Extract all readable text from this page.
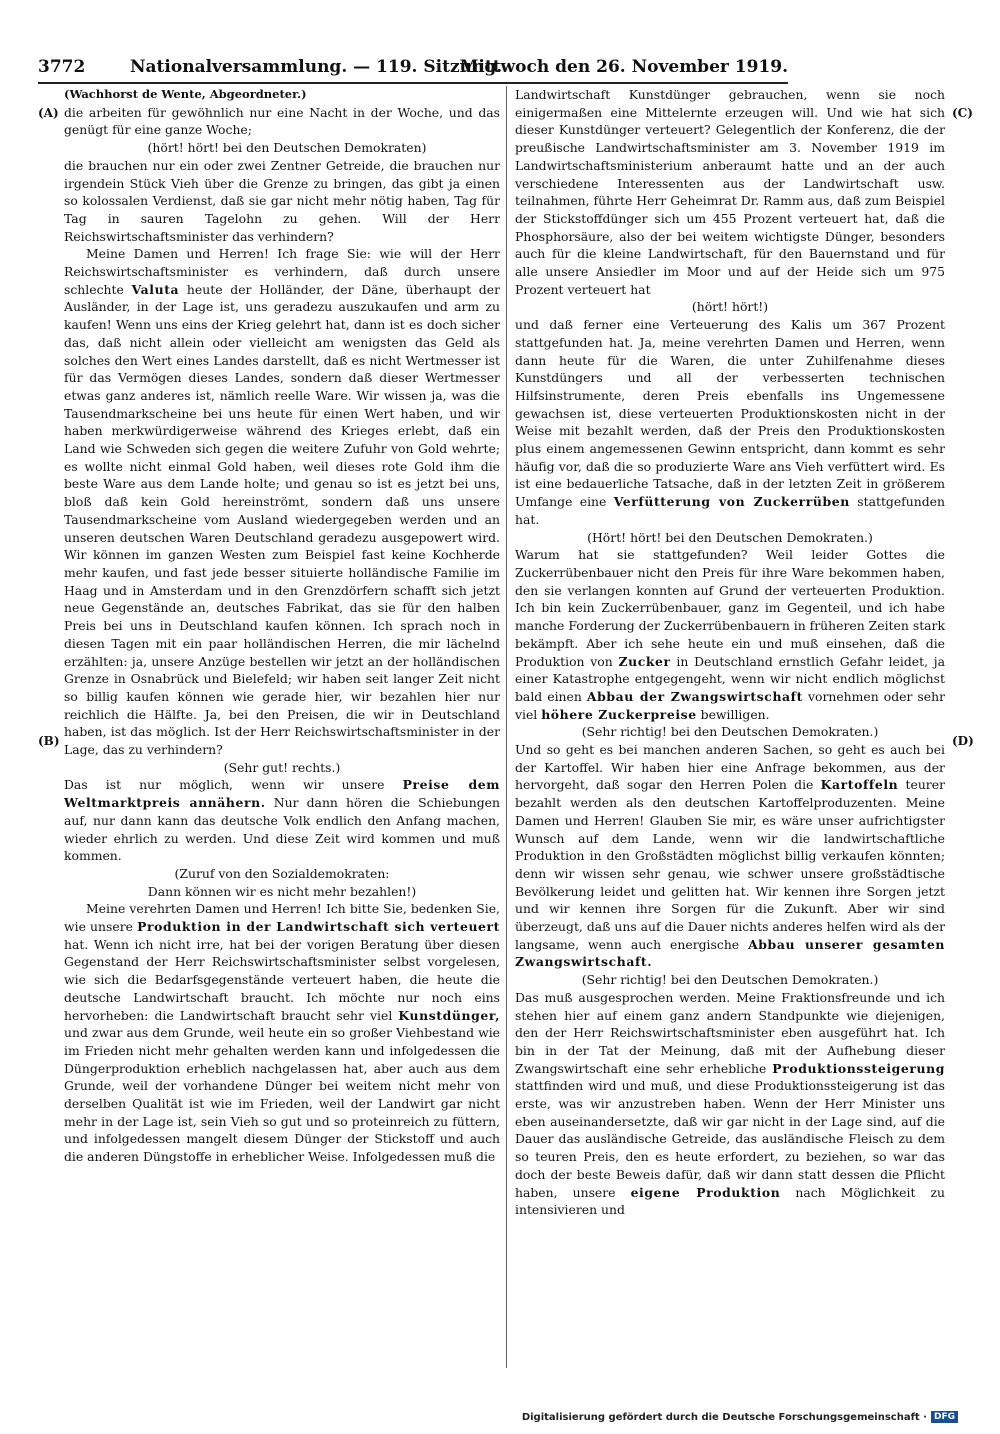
3772	Nationalversammlung. — 119. Sitzung.
Mittwoch den 26. November 1919.
(A)
(B)
(C)
(D)

(Wachhorst de Wente, Abgeordneter.)

die arbeiten für gewöhnlich nur eine Nacht in der Woche, und das genügt für eine ganze Woche;

(hört! hört! bei den Deutschen Demokraten)

die brauchen nur ein oder zwei Zentner Getreide, die brauchen nur irgendein Stück Vieh über die Grenze zu bringen, das gibt ja einen so kolossalen Verdienst, daß sie gar nicht mehr nötig haben, Tag für Tag in sauren Tagelohn zu gehen. Will der Herr Reichswirtschaftsminister das verhindern?

Meine Damen und Herren! Ich frage Sie: wie will der Herr Reichswirtschaftsminister es verhindern, daß durch unsere schlechte Valuta heute der Holländer, der Däne, überhaupt der Ausländer, in der Lage ist, uns geradezu auszukaufen und arm zu kaufen! Wenn uns eins der Krieg gelehrt hat, dann ist es doch sicher das, daß nicht allein oder vielleicht am wenigsten das Geld als solches den Wert eines Landes darstellt, daß es nicht Wertmesser ist für das Vermögen dieses Landes, sondern daß dieser Wertmesser etwas ganz anderes ist, nämlich reelle Ware. Wir wissen ja, was die Tausendmarkscheine bei uns heute für einen Wert haben, und wir haben merkwürdigerweise während des Krieges erlebt, daß ein Land wie Schweden sich gegen die weitere Zufuhr von Gold wehrte; es wollte nicht einmal Gold haben, weil dieses rote Gold ihm die beste Ware aus dem Lande holte; und genau so ist es jetzt bei uns, bloß daß kein Gold hereinströmt, sondern daß uns unsere Tausendmarkscheine vom Ausland wiedergegeben werden und an unseren deutschen Waren Deutschland geradezu ausgepowert wird. Wir können im ganzen Westen zum Beispiel fast keine Kochherde mehr kaufen, und fast jede besser situierte holländische Familie im Haag und in Amsterdam und in den Grenzdörfern schafft sich jetzt neue Gegenstände an, deutsches Fabrikat, das sie für den halben Preis bei uns in Deutschland kaufen können. Ich sprach noch in diesen Tagen mit ein paar holländischen Herren, die mir lächelnd erzählten: ja, unsere Anzüge bestellen wir jetzt an der holländischen Grenze in Osnabrück und Bielefeld; wir haben seit langer Zeit nicht so billig kaufen können wie gerade hier, wir bezahlen hier nur reichlich die Hälfte. Ja, bei den Preisen, die wir in Deutschland haben, ist das möglich. Ist der Herr Reichswirtschaftsminister in der Lage, das zu verhindern?

(Sehr gut! rechts.)

Das ist nur möglich, wenn wir unsere Preise dem Weltmarktpreis annähern. Nur dann hören die Schiebungen auf, nur dann kann das deutsche Volk endlich den Anfang machen, wieder ehrlich zu werden. Und diese Zeit wird kommen und muß kommen.

(Zuruf von den Sozialdemokraten:

Dann können wir es nicht mehr bezahlen!)

Meine verehrten Damen und Herren! Ich bitte Sie, bedenken Sie, wie unsere Produktion in der Landwirtschaft sich verteuert hat. Wenn ich nicht irre, hat bei der vorigen Beratung über diesen Gegenstand der Herr Reichswirtschaftsminister selbst vorgelesen, wie sich die Bedarfsgegenstände verteuert haben, die heute die deutsche Landwirtschaft braucht. Ich möchte nur noch eins hervorheben: die Landwirtschaft braucht sehr viel Kunstdünger, und zwar aus dem Grunde, weil heute ein so großer Viehbestand wie im Frieden nicht mehr gehalten werden kann und infolgedessen die Düngerproduktion erheblich nachgelassen hat, aber auch aus dem Grunde, weil der vorhandene Dünger bei weitem nicht mehr von derselben Qualität ist wie im Frieden, weil der Landwirt gar nicht mehr in der Lage ist, sein Vieh so gut und so proteinreich zu füttern, und infolgedessen mangelt diesem Dünger der Stickstoff und auch die anderen Düngstoffe in erheblicher Weise. Infolgedessen muß die

Landwirtschaft Kunstdünger gebrauchen, wenn sie noch einigermaßen eine Mittelernte erzeugen will. Und wie hat sich dieser Kunstdünger verteuert? Gelegentlich der Konferenz, die der preußische Landwirtschaftsminister am 3. November 1919 im Landwirtschaftsministerium anberaumt hatte und an der auch verschiedene Interessenten aus der Landwirtschaft usw. teilnahmen, führte Herr Geheimrat Dr. Ramm aus, daß zum Beispiel der Stickstoffdünger sich um 455 Prozent verteuert hat, daß die Phosphorsäure, also der bei weitem wichtigste Dünger, besonders auch für die kleine Landwirtschaft, für den Bauernstand und für alle unsere Ansiedler im Moor und auf der Heide sich um 975 Prozent verteuert hat

(hört! hört!)

und daß ferner eine Verteuerung des Kalis um 367 Prozent stattgefunden hat. Ja, meine verehrten Damen und Herren, wenn dann heute für die Waren, die unter Zuhilfenahme dieses Kunstdüngers und all der verbesserten technischen Hilfsinstrumente, deren Preis ebenfalls ins Ungemessene gewachsen ist, diese verteuerten Produktionskosten nicht in der Weise mit bezahlt werden, daß der Preis den Produktionskosten plus einem angemessenen Gewinn entspricht, dann kommt es sehr häufig vor, daß die so produzierte Ware ans Vieh verfüttert wird. Es ist eine bedauerliche Tatsache, daß in der letzten Zeit in größerem Umfange eine Verfütterung von Zuckerrüben stattgefunden hat.

(Hört! hört! bei den Deutschen Demokraten.)

Warum hat sie stattgefunden? Weil leider Gottes die Zuckerrübenbauer nicht den Preis für ihre Ware bekommen haben, den sie verlangen konnten auf Grund der verteuerten Produktion. Ich bin kein Zuckerrübenbauer, ganz im Gegenteil, und ich habe manche Forderung der Zuckerrübenbauern in früheren Zeiten stark bekämpft. Aber ich sehe heute ein und muß einsehen, daß die Produktion von Zucker in Deutschland ernstlich Gefahr leidet, ja einer Katastrophe entgegengeht, wenn wir nicht endlich möglichst bald einen Abbau der Zwangswirtschaft vornehmen oder sehr viel höhere Zuckerpreise bewilligen.

(Sehr richtig! bei den Deutschen Demokraten.)

Und so geht es bei manchen anderen Sachen, so geht es auch bei der Kartoffel. Wir haben hier eine Anfrage bekommen, aus der hervorgeht, daß sogar den Herren Polen die Kartoffeln teurer bezahlt werden als den deutschen Kartoffelproduzenten. Meine Damen und Herren! Glauben Sie mir, es wäre unser aufrichtigster Wunsch auf dem Lande, wenn wir die landwirtschaftliche Produktion in den Großstädten möglichst billig verkaufen könnten; denn wir wissen sehr genau, wie schwer unsere großstädtische Bevölkerung leidet und gelitten hat. Wir kennen ihre Sorgen jetzt und wir kennen ihre Sorgen für die Zukunft. Aber wir sind überzeugt, daß uns auf die Dauer nichts anderes helfen wird als der langsame, wenn auch energische Abbau unserer gesamten Zwangswirtschaft.

(Sehr richtig! bei den Deutschen Demokraten.)

Das muß ausgesprochen werden. Meine Fraktionsfreunde und ich stehen hier auf einem ganz andern Standpunkte wie diejenigen, den der Herr Reichswirtschaftsminister eben ausgeführt hat. Ich bin in der Tat der Meinung, daß mit der Aufhebung dieser Zwangswirtschaft eine sehr erhebliche Produktionssteigerung stattfinden wird und muß, und diese Produktionssteigerung ist das erste, was wir anzustreben haben. Wenn der Herr Minister uns eben auseinandersetzte, daß wir gar nicht in der Lage sind, auf die Dauer das ausländische Getreide, das ausländische Fleisch zu dem so teuren Preis, den es heute erfordert, zu beziehen, so war das doch der beste Beweis dafür, daß wir dann statt dessen die Pflicht haben, unsere eigene Produktion nach Möglichkeit zu intensivieren und

Digitalisierung gefördert durch die Deutsche Forschungsgemeinschaft · DFG
